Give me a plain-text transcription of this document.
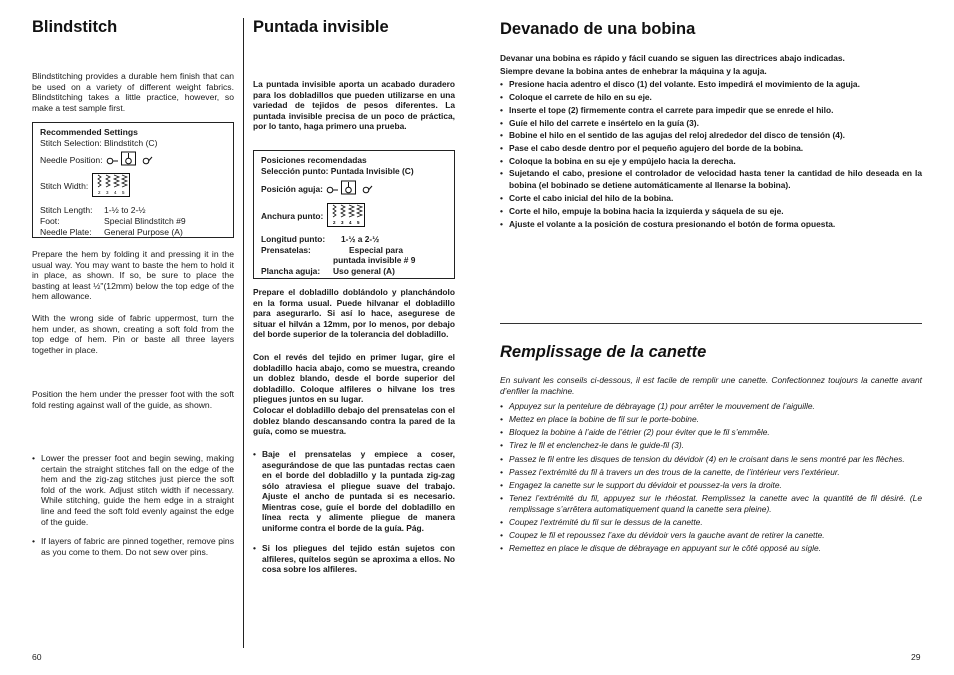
Blindstitch

Blindstitching provides a durable hem finish that can be used on a variety of different weight fabrics. Blindstitching takes a little practice, however, so make a test sample first.

Recommended Settings
Stitch Selection: Blindstitch (C)
Needle Position:
Stitch Width:
2 3 4 5
Stitch Length: 1-½ to 2-½
Foot:	Special Blindstitch #9
Needle Plate: General Purpose (A)

Prepare the hem by folding it and pressing it in the usual way. You may want to baste the hem to hold it in place, as shown. If so, be sure to place the basting at least ½"(12mm) below the top edge of the hem allowance.

With the wrong side of fabric uppermost, turn the hem under, as shown, creating a soft fold from the top edge of hem. Pin or baste all three layers together in place.

Position the hem under the presser foot with the soft fold resting against wall of the guide, as shown.

• Lower the presser foot and begin sewing, making certain the straight stitches fall on the edge of the hem and the zig-zag stitches just pierce the soft fold of the work. Adjust stitch width if necessary. While stitching, guide the hem edge in a straight line and feed the soft fold evenly against the edge of the guide.
• If layers of fabric are pinned together, remove pins as you come to them. Do not sew over pins.
60
Puntada invisible

La puntada invisible aporta un acabado duradero para los dobladillos que pueden utilizarse en una variedad de tejidos de pesos diferentes. La puntada invisible precisa de un poco de práctica, por lo tanto, haga primero una prueba.

Posiciones recomendadas
Selección punto: Puntada Invisible (C)
Posición aguja:
Anchura punto:
2 3 4 5
Longitud punto: 1-½ a 2-½
Prensatelas:	Especial para
puntada invisible # 9
Plancha aguja: Uso general (A)

Prepare el dobladillo doblándolo y planchándolo en la forma usual. Puede hilvanar el dobladillo para asegurarlo. Si así lo hace, asegurese de situar el hilván a 12mm, por lo menos, por debajo del borde superior de la tolerancia del dobladillo.

Con el revés del tejido en primer lugar, gire el dobladillo hacia abajo, como se muestra, creando un doblez blando, desde el borde superior del dobladillo. Coloque alfileres o hilvane los tres pliegues juntos en su lugar.

Colocar el dobladillo debajo del prensatelas con el doblez blando descansando contra la pared de la guía, como se muestra.

• Baje el prensatelas y empiece a coser, asegurándose de que las puntadas rectas caen en el borde del dobladillo y la puntada zig-zag sólo atraviesa el pliegue suave del trabajo. Ajuste el ancho de puntada si es necesario. Mientras cose, guíe el borde del dobladillo en línea recta y alimente pliegue de manera uniforme contra el borde de la guía. Pág.
• Si los pliegues del tejido están sujetos con alfileres, quítelos según se aproxima a ellos. No cosa sobre los alfileres.
Devanado de una bobina
Devanar una bobina es rápido y fácil cuando se siguen las directrices abajo indicadas.
Siempre devane la bobina antes de enhebrar la máquina y la aguja.
• Presione hacia adentro el disco (1) del volante. Esto impedirá el movimiento de la aguja.
• Coloque el carrete de hilo en su eje.
• Inserte el tope (2) firmemente contra el carrete para impedir que se enrede el hilo.
• Guíe el hilo del carrete e insértelo en la guía (3).
• Bobine el hilo en el sentido de las agujas del reloj alrededor del disco de tensión (4).
• Pase el cabo desde dentro por el pequeño agujero del borde de la bobina.
• Coloque la bobina en su eje y empújelo hacia la derecha.
• Sujetando el cabo, presione el controlador de velocidad hasta tener la cantidad de hilo deseada en la bobina (el bobinado se detiene automáticamente al llenarse la bobina).
• Corte el cabo inicial del hilo de la bobina.
• Corte el hilo, empuje la bobina hacia la izquierda y sáquela de su eje.
• Ajuste el volante a la posición de costura presionando el botón de forma opuesta.
Remplissage de la canette
En suivant les conseils ci-dessous, il est facile de remplir une canette. Confectionnez toujours la canette avant d’enfiler la machine.
• Appuyez sur la pentelure de débrayage (1) pour arrêter le mouvement de l’aiguille.
• Mettez en place la bobine de fil sur le porte-bobine.
• Bloquez la bobine à l’aide de l’étrier (2) pour éviter que le fil s’emmêle.
• Tirez le fil et enclenchez-le dans le guide-fil (3).
• Passez le fil entre les disques de tension du dévidoir (4) en le croisant dans le sens montré par les flèches.
• Passez l’extrémité du fil à travers un des trous de la canette, de l’intérieur vers l’extérieur.
• Engagez la canette sur le support du dévidoir et poussez-la vers la droite.
• Tenez l’extrémité du fil, appuyez sur le rhéostat. Remplissez la canette avec la quantité de fil désiré. (Le remplissage s’arrêtera automatiquement quand la canette sera pleine).
• Coupez l’extrémité du fil sur le dessus de la canette.
• Coupez le fil et repoussez l’axe du dévidoir vers la gauche avant de retirer la canette.
• Remettez en place le disque de débrayage en appuyant sur le côté opposé au sigle.
29
